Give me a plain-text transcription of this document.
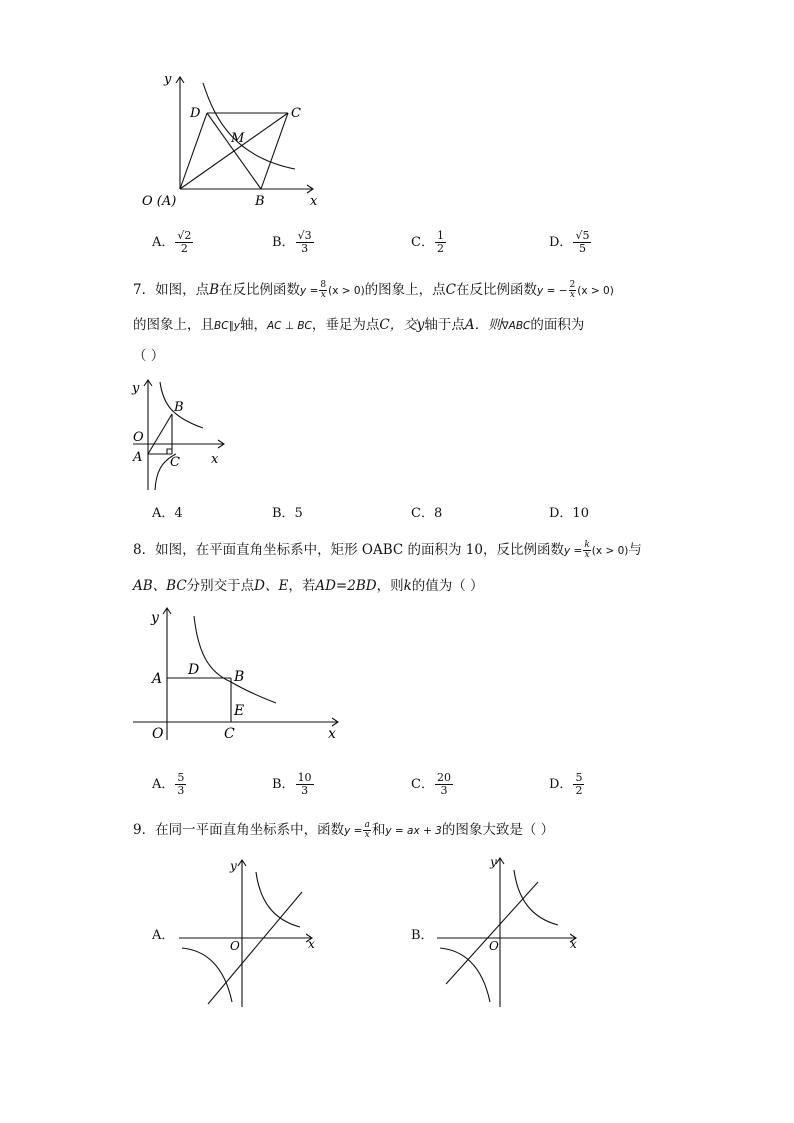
y
x
D	C
M
O (A)	B
A． $\frac{√2}{2}$	B． $\frac{√3}{3}$	C． $\frac{1}{2}$	D． $\frac{√5}{5}$
7．如图，点B在反比例函数$y = \frac{8}{x} (x > 0)$的图象上，点C在反比例函数y = − $\frac{2}{x} (x > 0)$
的图象上，且BC∥y轴，AC ⊥ BC，垂足为点C，交y轴于点A．则∇ABC的面积为
（ ）
y
B
O
A C x
A．4	B．5	C．8	D．10
8．如图，在平面直角坐标系中，矩形 OABC 的面积为 10，反比例函数$y = \frac{k}{x} (x > 0)$与
AB、BC分别交于点D、E，若AD=2BD，则k的值为（ ）
y
D B
A
E
O	C	x
A． $\frac{5}{3}$	B． $\frac{10}{3}$	C． $\frac{20}{3}$	D． $\frac{5}{2}$
9．在同一平面直角坐标系中，函数$y = \frac{a}{x}$ 和y = ax + 3的图象大致是（ ）
A．
y
x
O
B．
y
x
O
